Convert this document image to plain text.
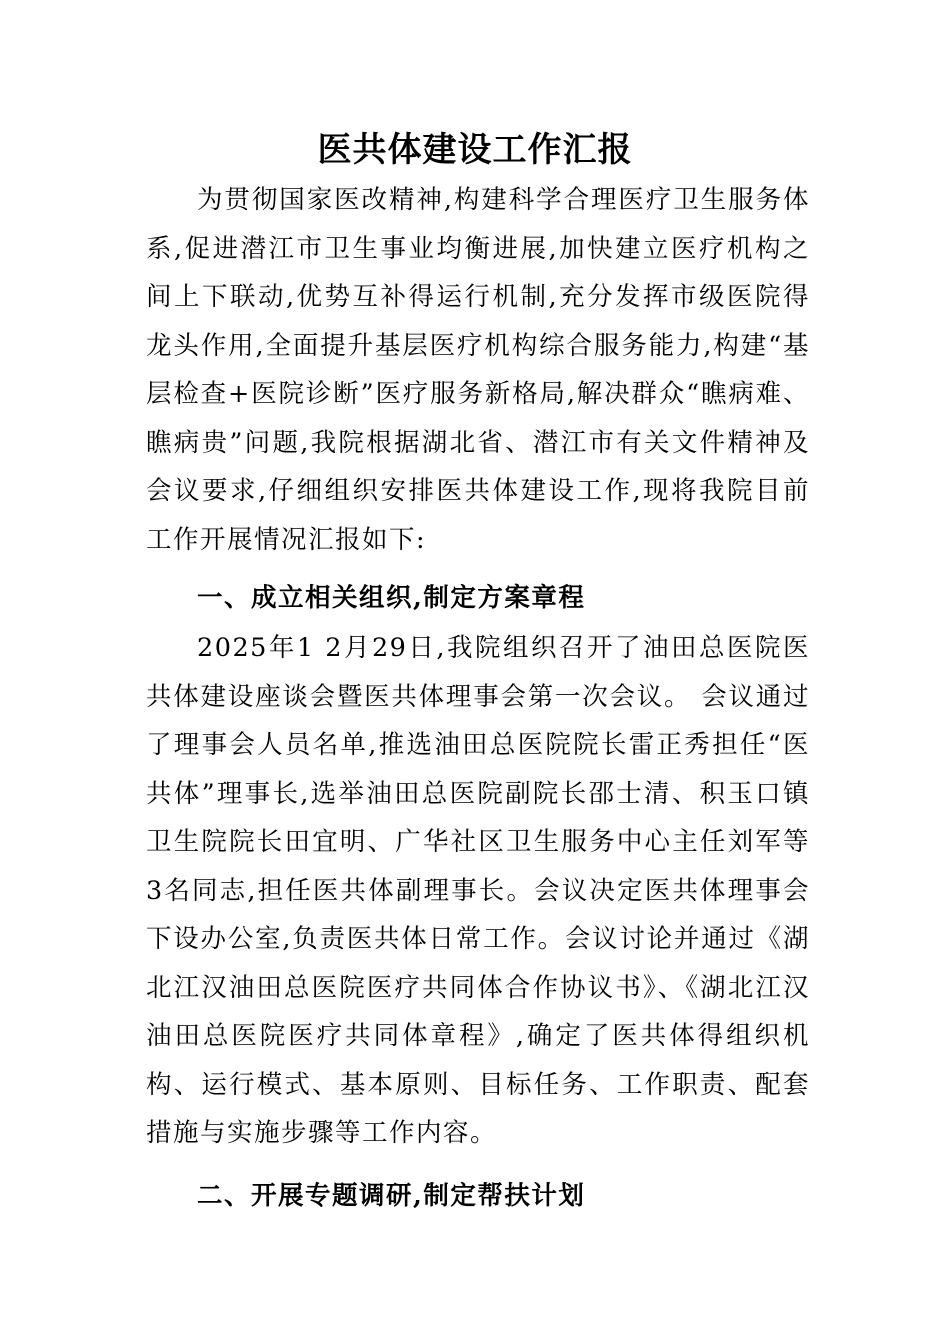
医共体建设工作汇报

为贯彻国家医改精神,构建科学合理医疗卫生服务体系,促进潜江市卫生事业均衡进展,加快建立医疗机构之间上下联动,优势互补得运行机制,充分发挥市级医院得龙头作用,全面提升基层医疗机构综合服务能力,构建“基层检查+医院诊断”医疗服务新格局,解决群众“瞧病难、瞧病贵”问题,我院根据湖北省、潜江市有关文件精神及会议要求,仔细组织安排医共体建设工作,现将我院目前工作开展情况汇报如下:

一、成立相关组织,制定方案章程

2025年1 2月29日,我院组织召开了油田总医院医共体建设座谈会暨医共体理事会第一次会议。 会议通过了理事会人员名单,推选油田总医院院长雷正秀担任“医共体”理事长,选举油田总医院副院长邵士清、积玉口镇卫生院院长田宜明、广华社区卫生服务中心主任刘军等3名同志,担任医共体副理事长。会议决定医共体理事会下设办公室,负责医共体日常工作。会议讨论并通过《湖北江汉油田总医院医疗共同体合作协议书》、《湖北江汉油田总医院医疗共同体章程》,确定了医共体得组织机构、运行模式、基本原则、目标任务、工作职责、配套措施与实施步骤等工作内容。

二、开展专题调研,制定帮扶计划
